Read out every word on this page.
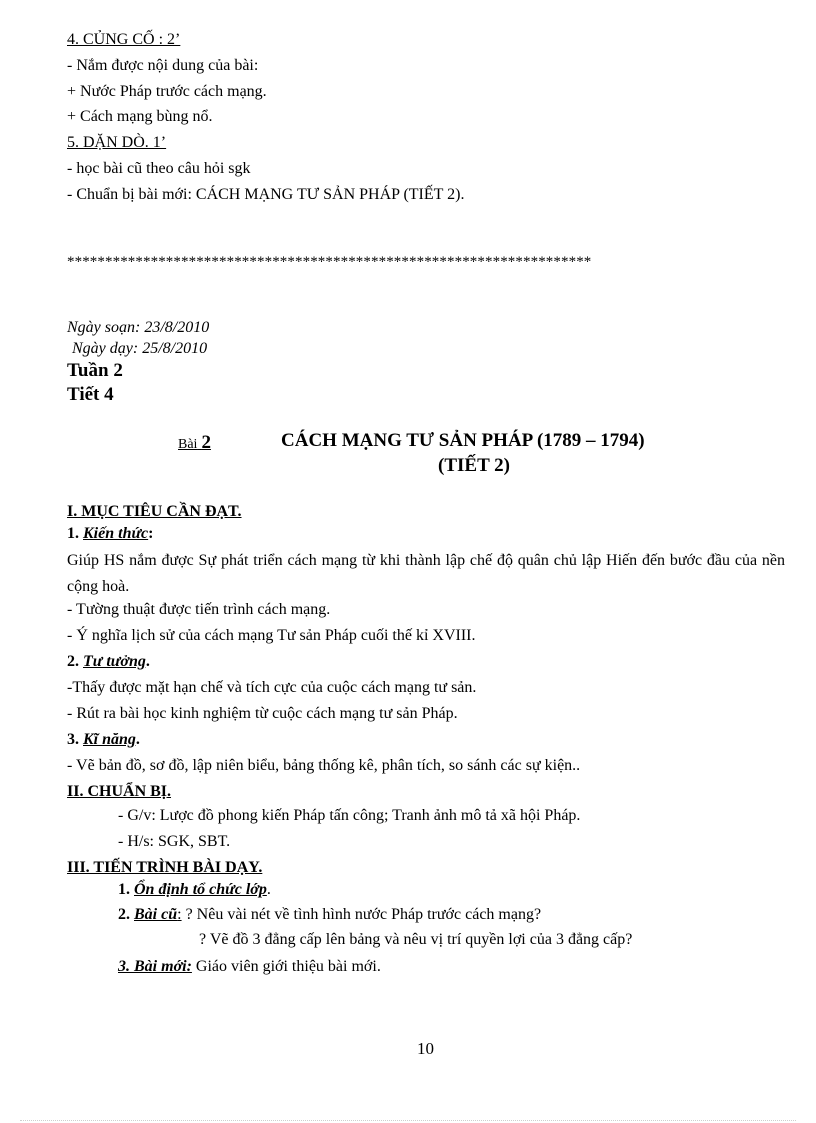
4. CỦNG CỐ : 2’
- Nắm được nội dung của bài:
+ Nước Pháp trước cách mạng.
+ Cách mạng bùng nổ.
5. DẶN DÒ. 1’
- học bài cũ theo câu hỏi sgk
- Chuẩn bị bài mới: CÁCH MẠNG TƯ SẢN PHÁP (TIẾT 2).
*********************************************************************
Ngày soạn: 23/8/2010
Ngày dạy: 25/8/2010
Tuần 2
Tiết 4
Bài 2	CÁCH MẠNG TƯ SẢN PHÁP (1789 – 1794)
(TIẾT 2)
I. MỤC TIÊU CẦN ĐẠT.
1. Kiến thức:
Giúp HS nắm được Sự phát triển cách mạng từ khi thành lập chế độ quân chủ lập Hiến đến bước đầu của nền cộng hoà.
- Tường thuật được tiến trình cách mạng.
- Ý nghĩa lịch sử của cách mạng Tư sản Pháp cuối thế kỉ XVIII.
2. Tư tưởng.
-Thấy được mặt hạn chế và tích cực của cuộc cách mạng tư sản.
- Rút ra bài học kinh nghiệm từ cuộc cách mạng tư sản Pháp.
3. Kĩ năng.
- Vẽ bản đồ, sơ đồ, lập niên biểu, bảng thống kê, phân tích, so sánh các sự kiện..
II. CHUẨN BỊ.
- G/v: Lược đồ phong kiến Pháp tấn công; Tranh ảnh mô tả xã hội Pháp.
- H/s: SGK, SBT.
III. TIẾN TRÌNH BÀI DẠY.
1. Ổn định tổ chức lớp.
2. Bài cũ: ? Nêu vài nét về tình hình nước Pháp trước cách mạng?
? Vẽ đồ 3 đẳng cấp lên bảng và nêu vị trí quyền lợi của 3 đẳng cấp?
3. Bài mới: Giáo viên giới thiệu bài mới.
10
